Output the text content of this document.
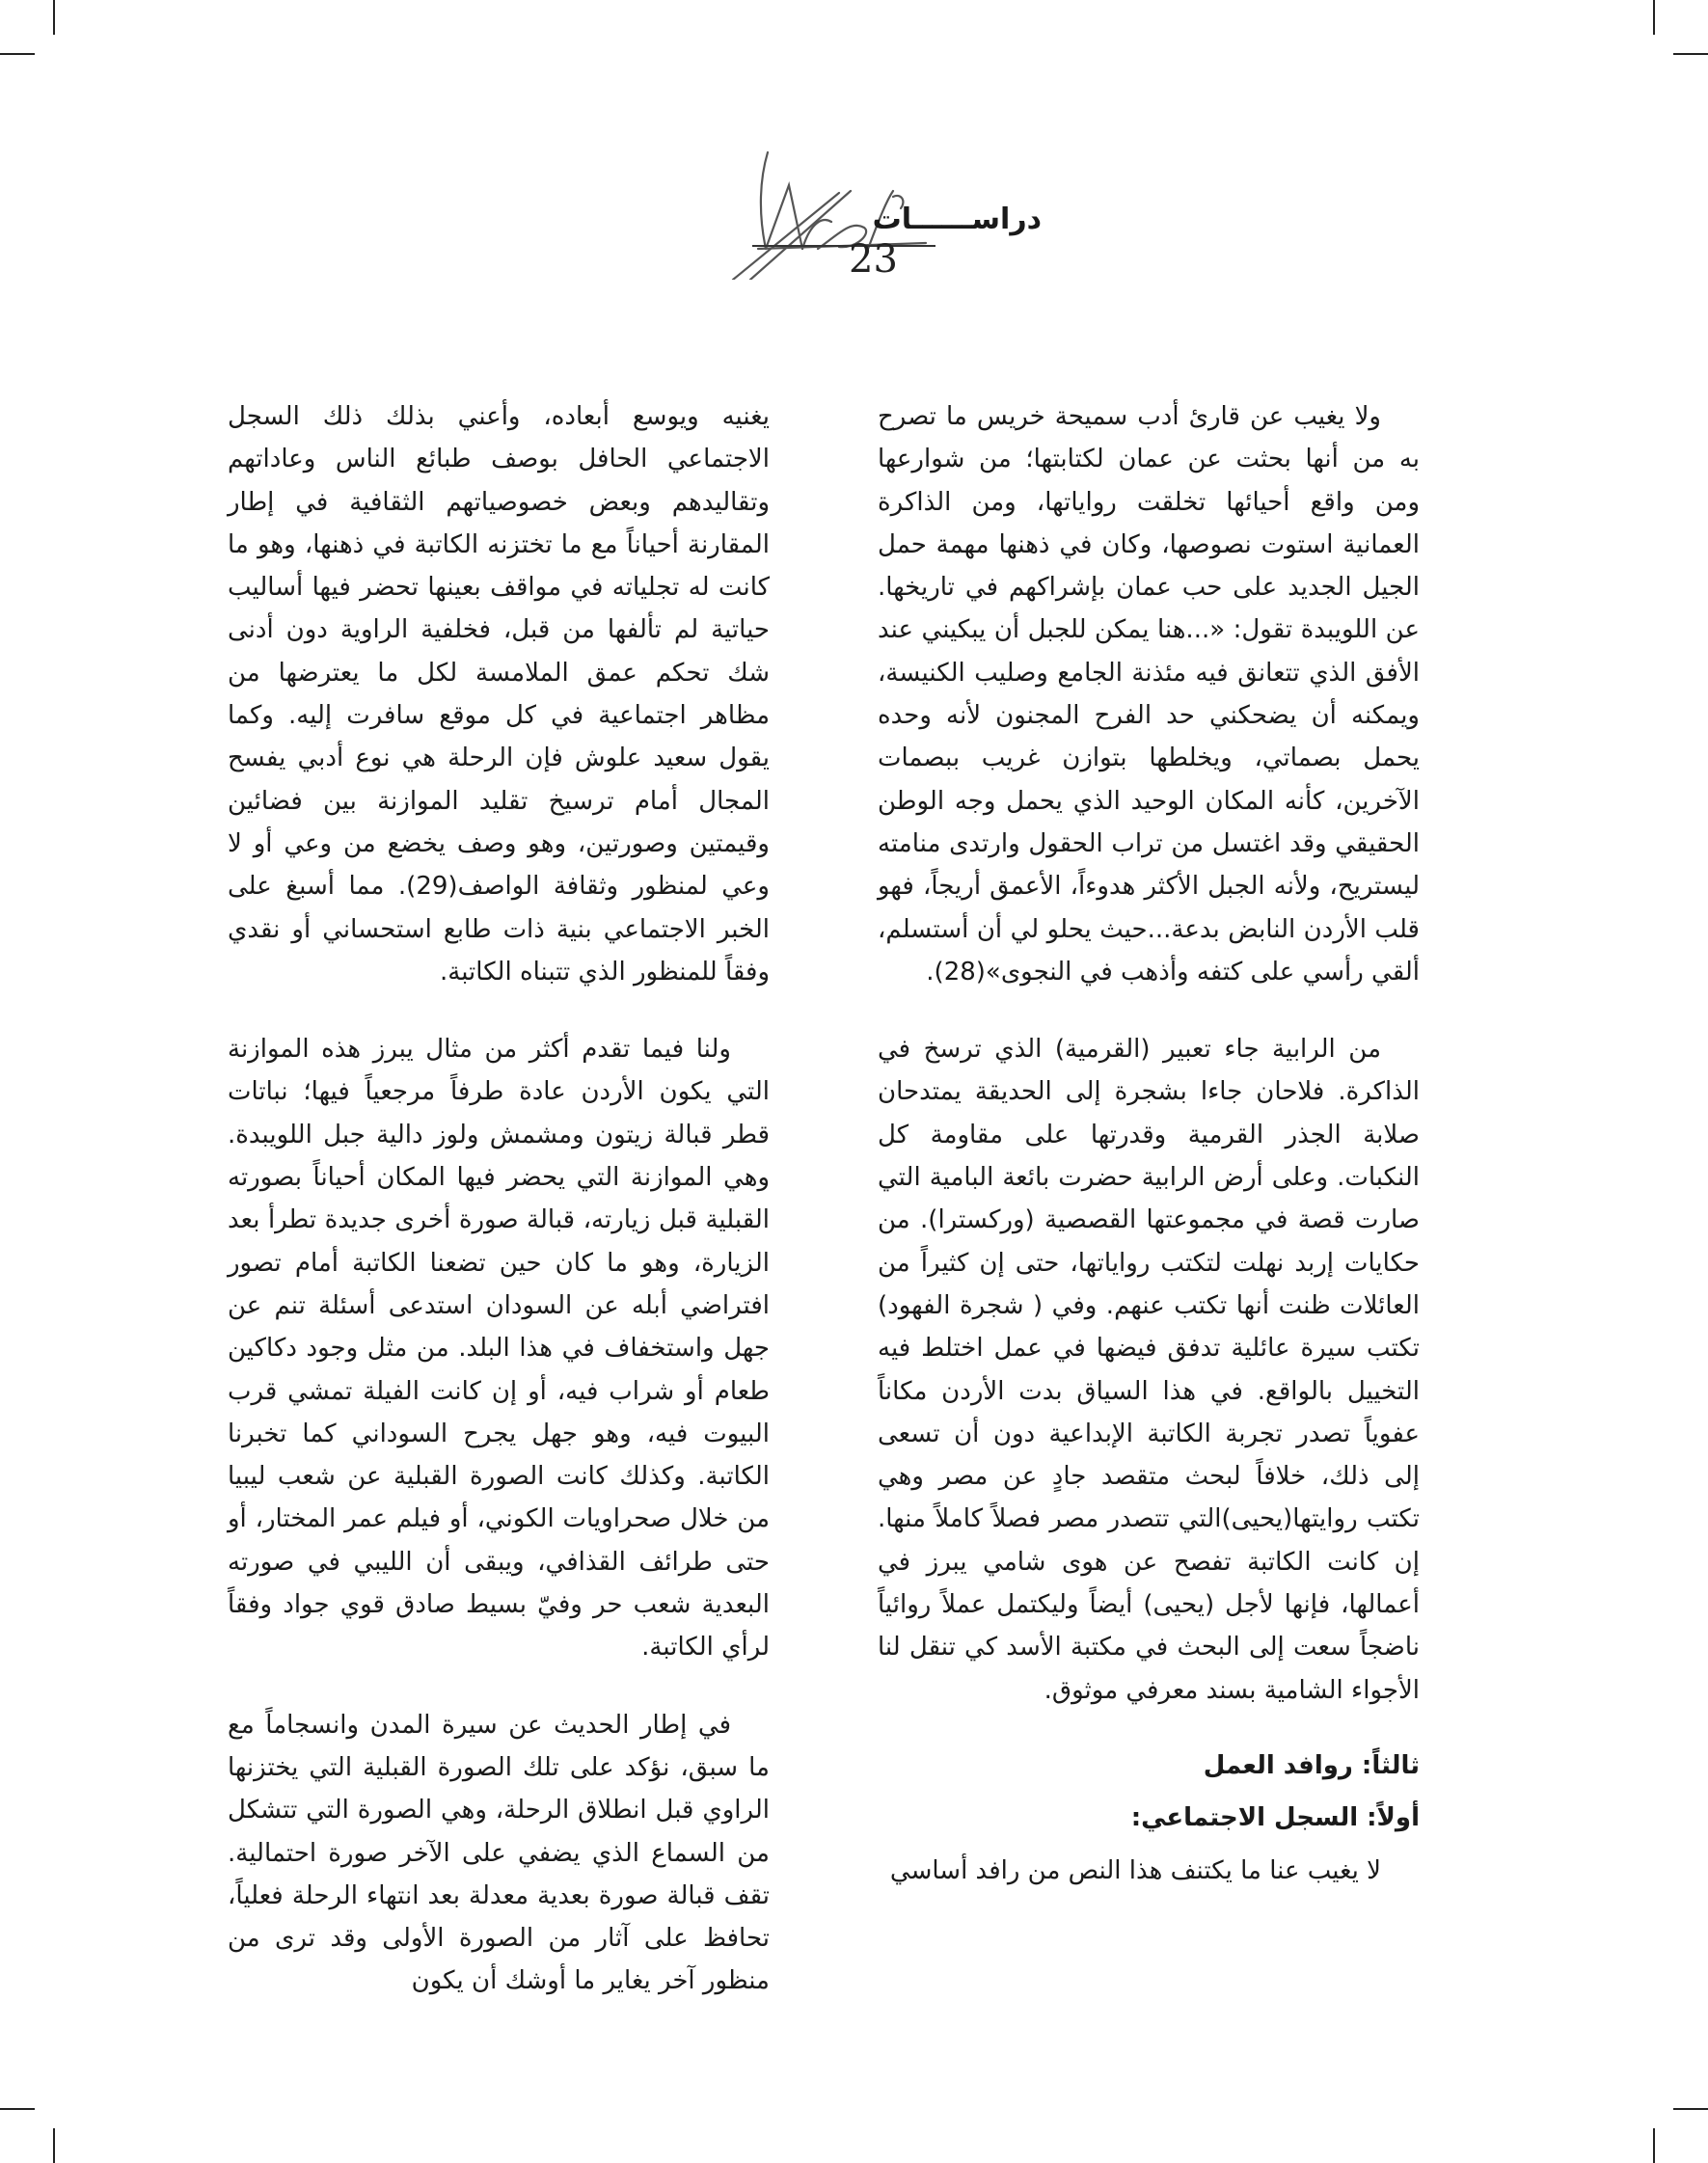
دراســــــات
23

ولا يغيب عن قارئ أدب سميحة خريس ما تصرح به من أنها بحثت عن عمان لكتابتها؛ من شوارعها ومن واقع أحيائها تخلقت رواياتها، ومن الذاكرة العمانية استوت نصوصها، وكان في ذهنها مهمة حمل الجيل الجديد على حب عمان بإشراكهم في تاريخها. عن اللويبدة تقول: «...هنا يمكن للجبل أن يبكيني عند الأفق الذي تتعانق فيه مئذنة الجامع وصليب الكنيسة، ويمكنه أن يضحكني حد الفرح المجنون لأنه وحده يحمل بصماتي، ويخلطها بتوازن غريب ببصمات الآخرين، كأنه المكان الوحيد الذي يحمل وجه الوطن الحقيقي وقد اغتسل من تراب الحقول وارتدى منامته ليستريح، ولأنه الجبل الأكثر هدوءاً، الأعمق أريجاً، فهو قلب الأردن النابض بدعة...حيث يحلو لي أن أستسلم، ألقي رأسي على كتفه وأذهب في النجوى»(28).

من الرابية جاء تعبير (القرمية) الذي ترسخ في الذاكرة. فلاحان جاءا بشجرة إلى الحديقة يمتدحان صلابة الجذر القرمية وقدرتها على مقاومة كل النكبات. وعلى أرض الرابية حضرت بائعة البامية التي صارت قصة في مجموعتها القصصية (وركسترا). من حكايات إربد نهلت لتكتب رواياتها، حتى إن كثيراً من العائلات ظنت أنها تكتب عنهم. وفي ( شجرة الفهود) تكتب سيرة عائلية تدفق فيضها في عمل اختلط فيه التخييل بالواقع. في هذا السياق بدت الأردن مكاناً عفوياً تصدر تجربة الكاتبة الإبداعية دون أن تسعى إلى ذلك، خلافاً لبحث متقصد جادٍ عن مصر وهي تكتب روايتها(يحيى)التي تتصدر مصر فصلاً كاملاً منها. إن كانت الكاتبة تفصح عن هوى شامي يبرز في أعمالها، فإنها لأجل (يحيى) أيضاً وليكتمل عملاً روائياً ناضجاً سعت إلى البحث في مكتبة الأسد كي تنقل لنا الأجواء الشامية بسند معرفي موثوق.

ثالثاً: روافد العمل

أولاً: السجل الاجتماعي:

لا يغيب عنا ما يكتنف هذا النص من رافد أساسي

يغنيه ويوسع أبعاده، وأعني بذلك ذلك السجل الاجتماعي الحافل بوصف طبائع الناس وعاداتهم وتقاليدهم وبعض خصوصياتهم الثقافية في إطار المقارنة أحياناً مع ما تختزنه الكاتبة في ذهنها، وهو ما كانت له تجلياته في مواقف بعينها تحضر فيها أساليب حياتية لم تألفها من قبل، فخلفية الراوية دون أدنى شك تحكم عمق الملامسة لكل ما يعترضها من مظاهر اجتماعية في كل موقع سافرت إليه. وكما يقول سعيد علوش فإن الرحلة هي نوع أدبي يفسح المجال أمام ترسيخ تقليد الموازنة بين فضائين وقيمتين وصورتين، وهو وصف يخضع من وعي أو لا وعي لمنظور وثقافة الواصف(29). مما أسبغ على الخبر الاجتماعي بنية ذات طابع استحساني أو نقدي وفقاً للمنظور الذي تتبناه الكاتبة.

ولنا فيما تقدم أكثر من مثال يبرز هذه الموازنة التي يكون الأردن عادة طرفاً مرجعياً فيها؛ نباتات قطر قبالة زيتون ومشمش ولوز دالية جبل اللويبدة. وهي الموازنة التي يحضر فيها المكان أحياناً بصورته القبلية قبل زيارته، قبالة صورة أخرى جديدة تطرأ بعد الزيارة، وهو ما كان حين تضعنا الكاتبة أمام تصور افتراضي أبله عن السودان استدعى أسئلة تنم عن جهل واستخفاف في هذا البلد. من مثل وجود دكاكين طعام أو شراب فيه، أو إن كانت الفيلة تمشي قرب البيوت فيه، وهو جهل يجرح السوداني كما تخبرنا الكاتبة. وكذلك كانت الصورة القبلية عن شعب ليبيا من خلال صحراويات الكوني، أو فيلم عمر المختار، أو حتى طرائف القذافي، ويبقى أن الليبي في صورته البعدية شعب حر وفيّ بسيط صادق قوي جواد وفقاً لرأي الكاتبة.

في إطار الحديث عن سيرة المدن وانسجاماً مع ما سبق، نؤكد على تلك الصورة القبلية التي يختزنها الراوي قبل انطلاق الرحلة، وهي الصورة التي تتشكل من السماع الذي يضفي على الآخر صورة احتمالية. تقف قبالة صورة بعدية معدلة بعد انتهاء الرحلة فعلياً، تحافظ على آثار من الصورة الأولى وقد ترى من منظور آخر يغاير ما أوشك أن يكون
